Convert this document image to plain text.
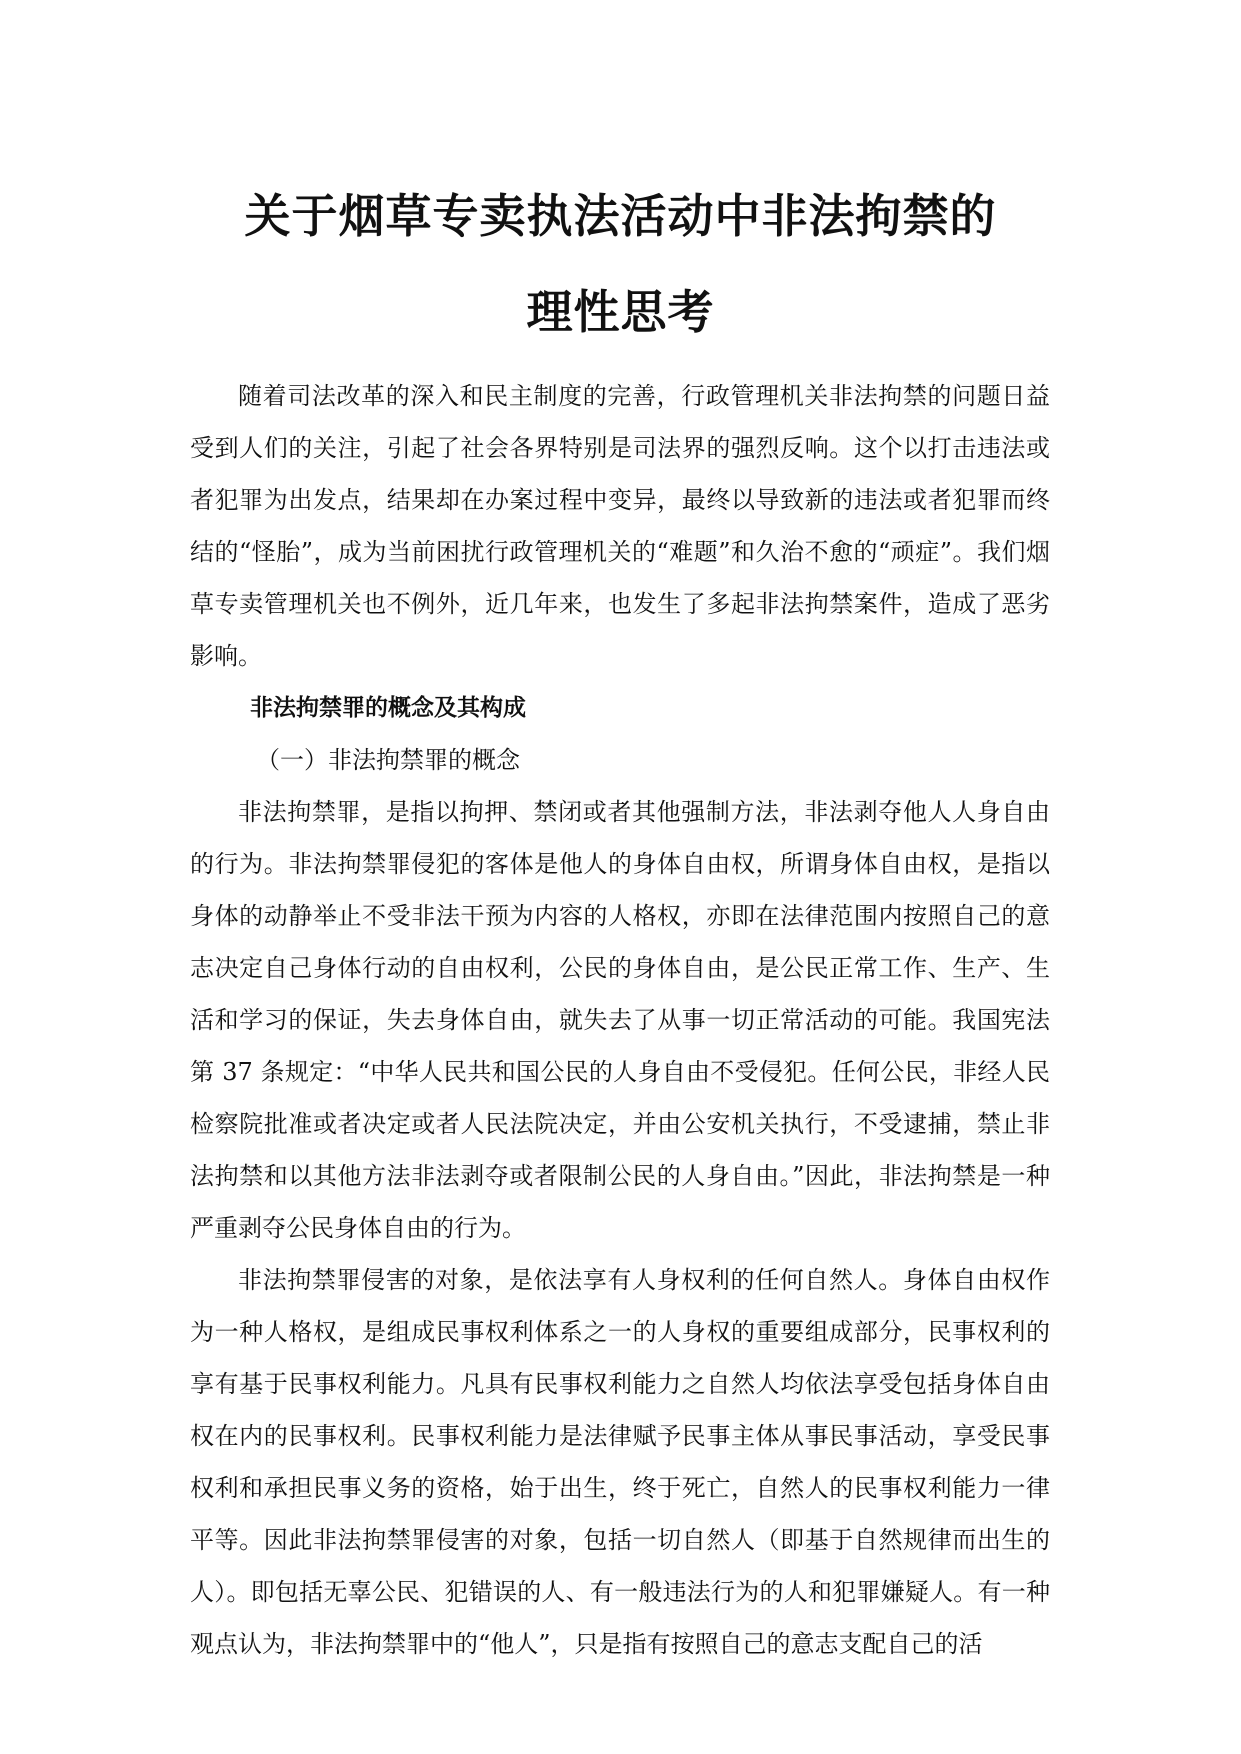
关于烟草专卖执法活动中非法拘禁的
理性思考

随着司法改革的深入和民主制度的完善，行政管理机关非法拘禁的问题日益受到人们的关注，引起了社会各界特别是司法界的强烈反响。这个以打击违法或者犯罪为出发点，结果却在办案过程中变异，最终以导致新的违法或者犯罪而终结的“怪胎”，成为当前困扰行政管理机关的“难题”和久治不愈的“顽症”。我们烟草专卖管理机关也不例外，近几年来，也发生了多起非法拘禁案件，造成了恶劣影响。

非法拘禁罪的概念及其构成
（一）非法拘禁罪的概念

非法拘禁罪，是指以拘押、禁闭或者其他强制方法，非法剥夺他人人身自由的行为。非法拘禁罪侵犯的客体是他人的身体自由权，所谓身体自由权，是指以身体的动静举止不受非法干预为内容的人格权，亦即在法律范围内按照自己的意志决定自己身体行动的自由权利，公民的身体自由，是公民正常工作、生产、生活和学习的保证，失去身体自由，就失去了从事一切正常活动的可能。我国宪法第 37 条规定：“中华人民共和国公民的人身自由不受侵犯。任何公民，非经人民检察院批准或者决定或者人民法院决定，并由公安机关执行，不受逮捕，禁止非法拘禁和以其他方法非法剥夺或者限制公民的人身自由。”因此，非法拘禁是一种严重剥夺公民身体自由的行为。

非法拘禁罪侵害的对象，是依法享有人身权利的任何自然人。身体自由权作为一种人格权，是组成民事权利体系之一的人身权的重要组成部分，民事权利的享有基于民事权利能力。凡具有民事权利能力之自然人均依法享受包括身体自由权在内的民事权利。民事权利能力是法律赋予民事主体从事民事活动，享受民事权利和承担民事义务的资格，始于出生，终于死亡，自然人的民事权利能力一律平等。因此非法拘禁罪侵害的对象，包括一切自然人（即基于自然规律而出生的人）。即包括无辜公民、犯错误的人、有一般违法行为的人和犯罪嫌疑人。有一种观点认为，非法拘禁罪中的“他人”，只是指有按照自己的意志支配自己的活
